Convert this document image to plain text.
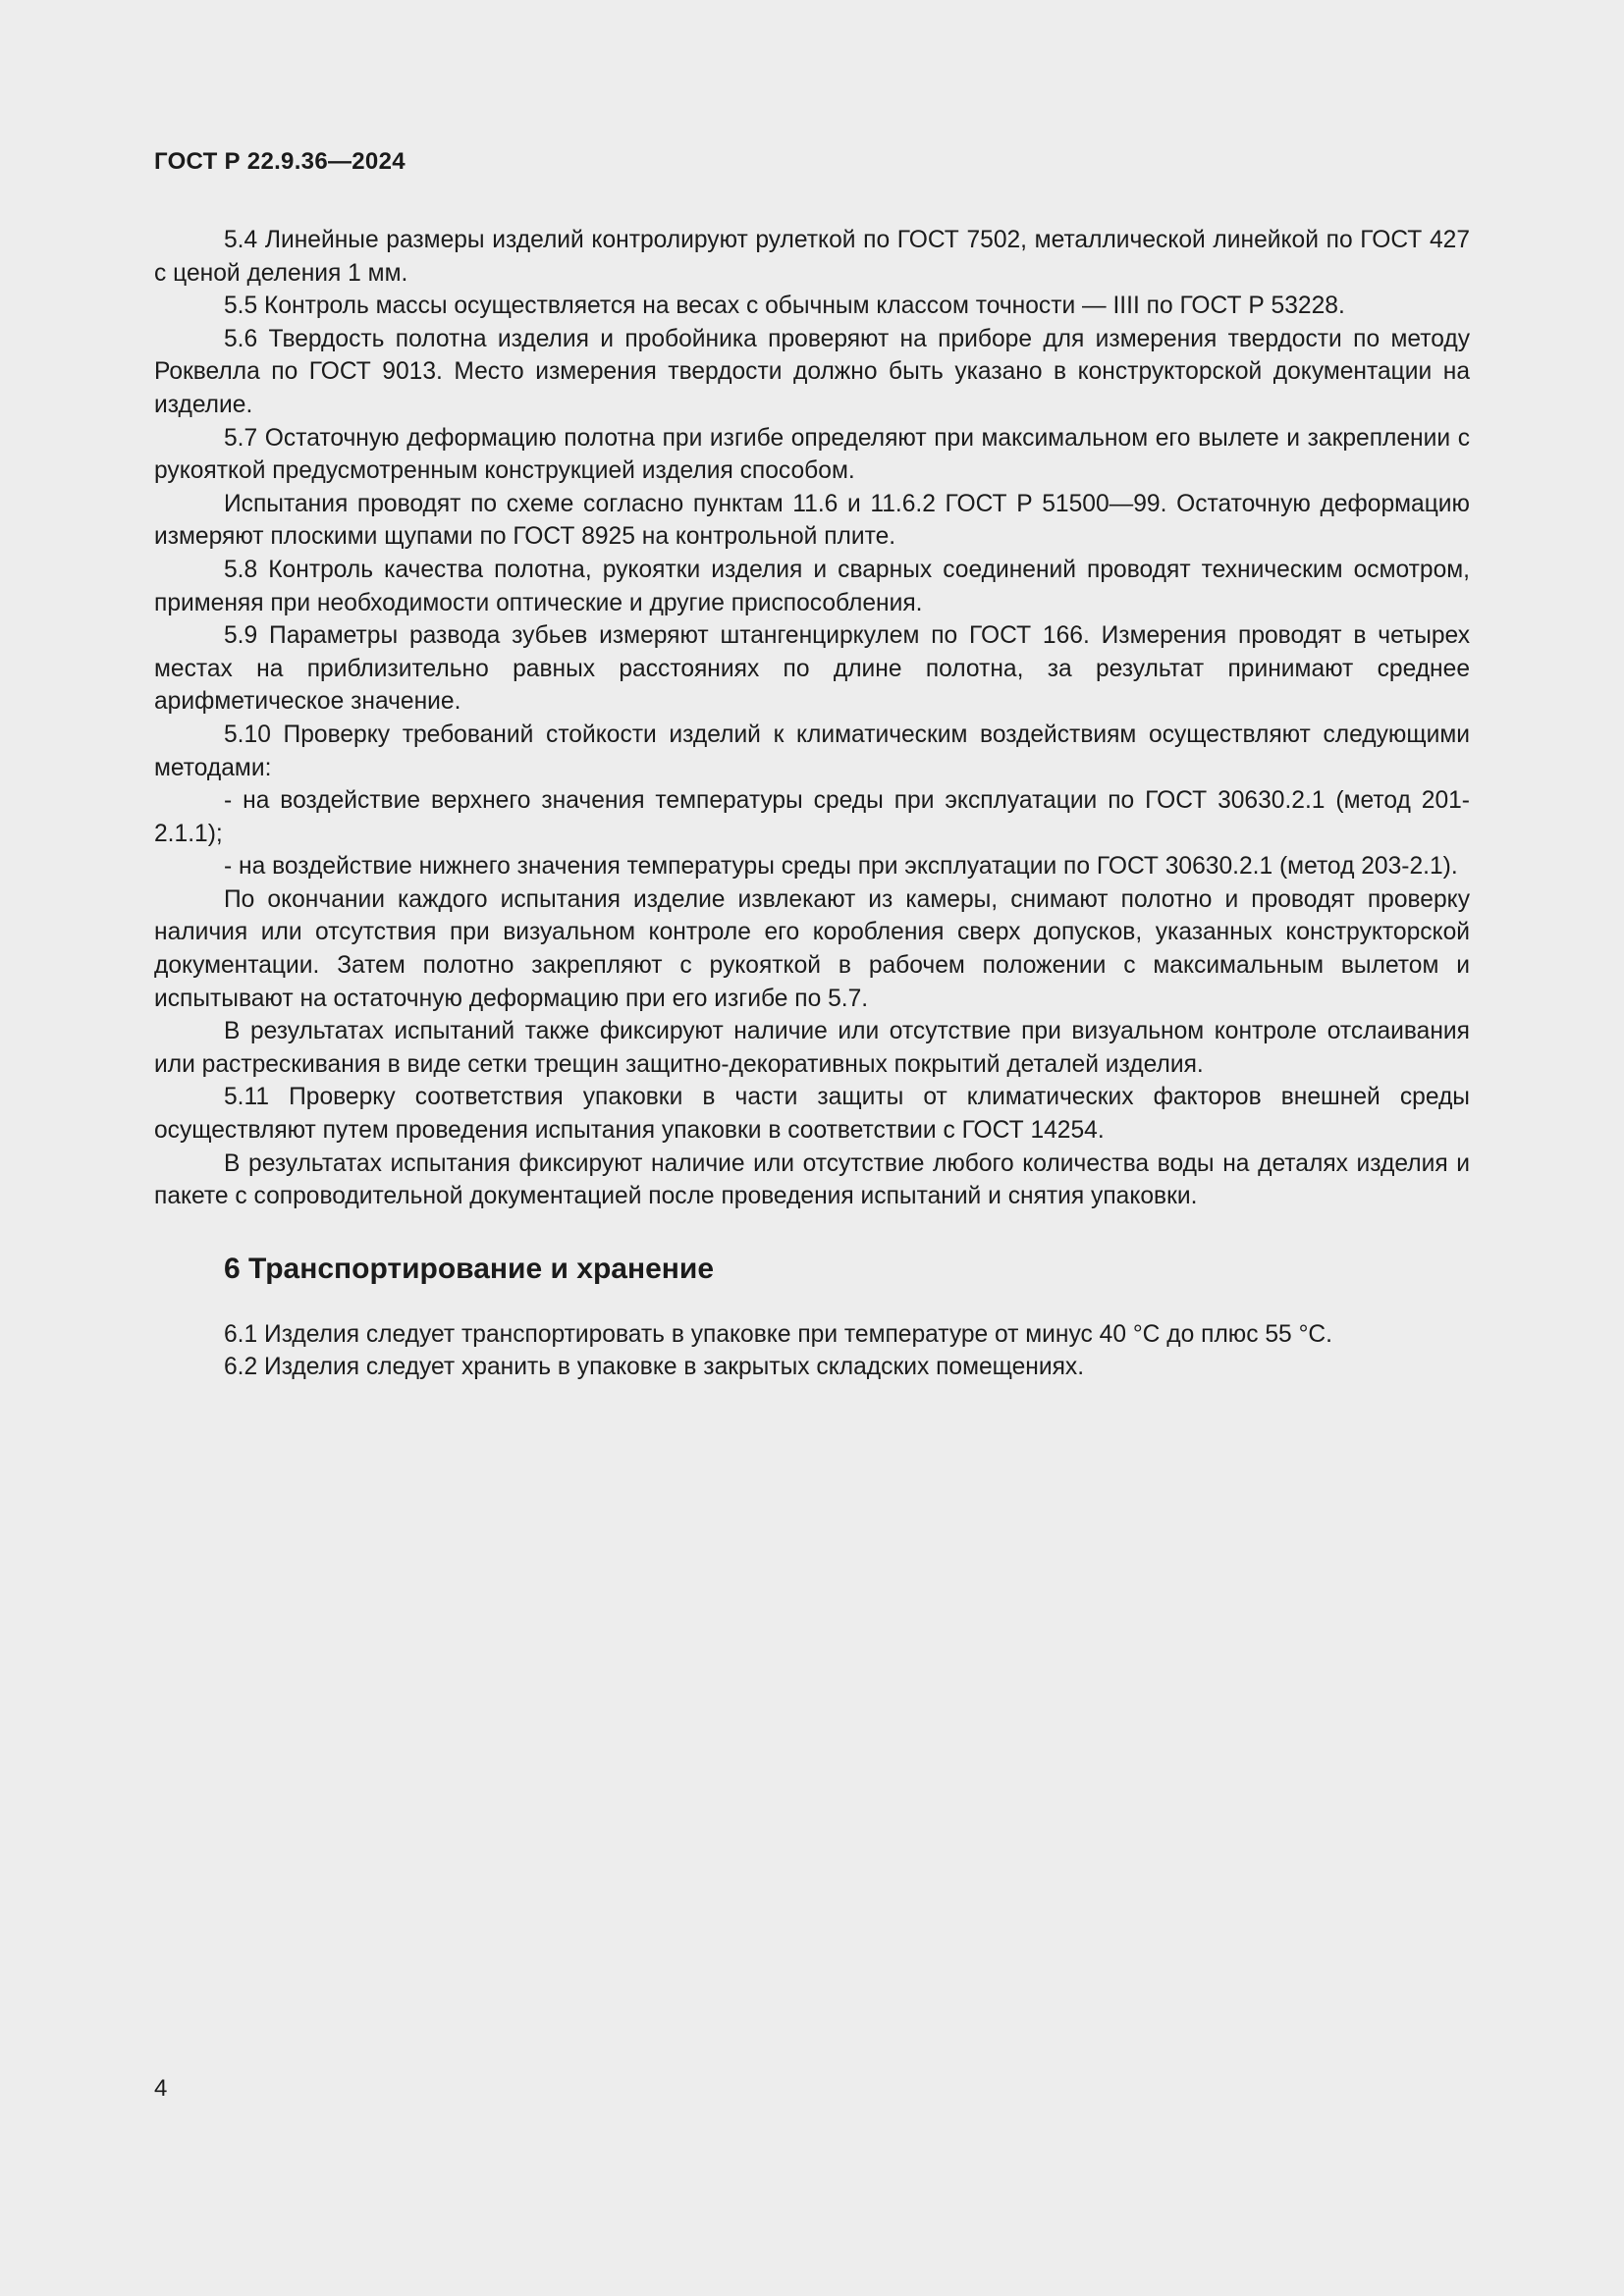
ГОСТ Р 22.9.36—2024

5.4 Линейные размеры изделий контролируют рулеткой по ГОСТ 7502, металлической линейкой по ГОСТ 427 с ценой деления 1 мм.

5.5 Контроль массы осуществляется на весах с обычным классом точности — IIII по ГОСТ Р 53228.

5.6 Твердость полотна изделия и пробойника проверяют на приборе для измерения твердости по методу Роквелла по ГОСТ 9013. Место измерения твердости должно быть указано в конструкторской документации на изделие.

5.7 Остаточную деформацию полотна при изгибе определяют при максимальном его вылете и закреплении с рукояткой предусмотренным конструкцией изделия способом.

Испытания проводят по схеме согласно пунктам 11.6 и 11.6.2 ГОСТ Р 51500—99. Остаточную деформацию измеряют плоскими щупами по ГОСТ 8925 на контрольной плите.

5.8 Контроль качества полотна, рукоятки изделия и сварных соединений проводят техническим осмотром, применяя при необходимости оптические и другие приспособления.

5.9 Параметры развода зубьев измеряют штангенциркулем по ГОСТ 166. Измерения проводят в четырех местах на приблизительно равных расстояниях по длине полотна, за результат принимают среднее арифметическое значение.

5.10 Проверку требований стойкости изделий к климатическим воздействиям осуществляют следующими методами:

- на воздействие верхнего значения температуры среды при эксплуатации по ГОСТ 30630.2.1 (метод 201-2.1.1);

- на воздействие нижнего значения температуры среды при эксплуатации по ГОСТ 30630.2.1 (метод 203-2.1).

По окончании каждого испытания изделие извлекают из камеры, снимают полотно и проводят проверку наличия или отсутствия при визуальном контроле его коробления сверх допусков, указанных конструкторской документации. Затем полотно закрепляют с рукояткой в рабочем положении с максимальным вылетом и испытывают на остаточную деформацию при его изгибе по 5.7.

В результатах испытаний также фиксируют наличие или отсутствие при визуальном контроле отслаивания или растрескивания в виде сетки трещин защитно-декоративных покрытий деталей изделия.

5.11 Проверку соответствия упаковки в части защиты от климатических факторов внешней среды осуществляют путем проведения испытания упаковки в соответствии с ГОСТ 14254.

В результатах испытания фиксируют наличие или отсутствие любого количества воды на деталях изделия и пакете с сопроводительной документацией после проведения испытаний и снятия упаковки.

6 Транспортирование и хранение

6.1 Изделия следует транспортировать в упаковке при температуре от минус 40 °С до плюс 55 °С.

6.2 Изделия следует хранить в упаковке в закрытых складских помещениях.

4
